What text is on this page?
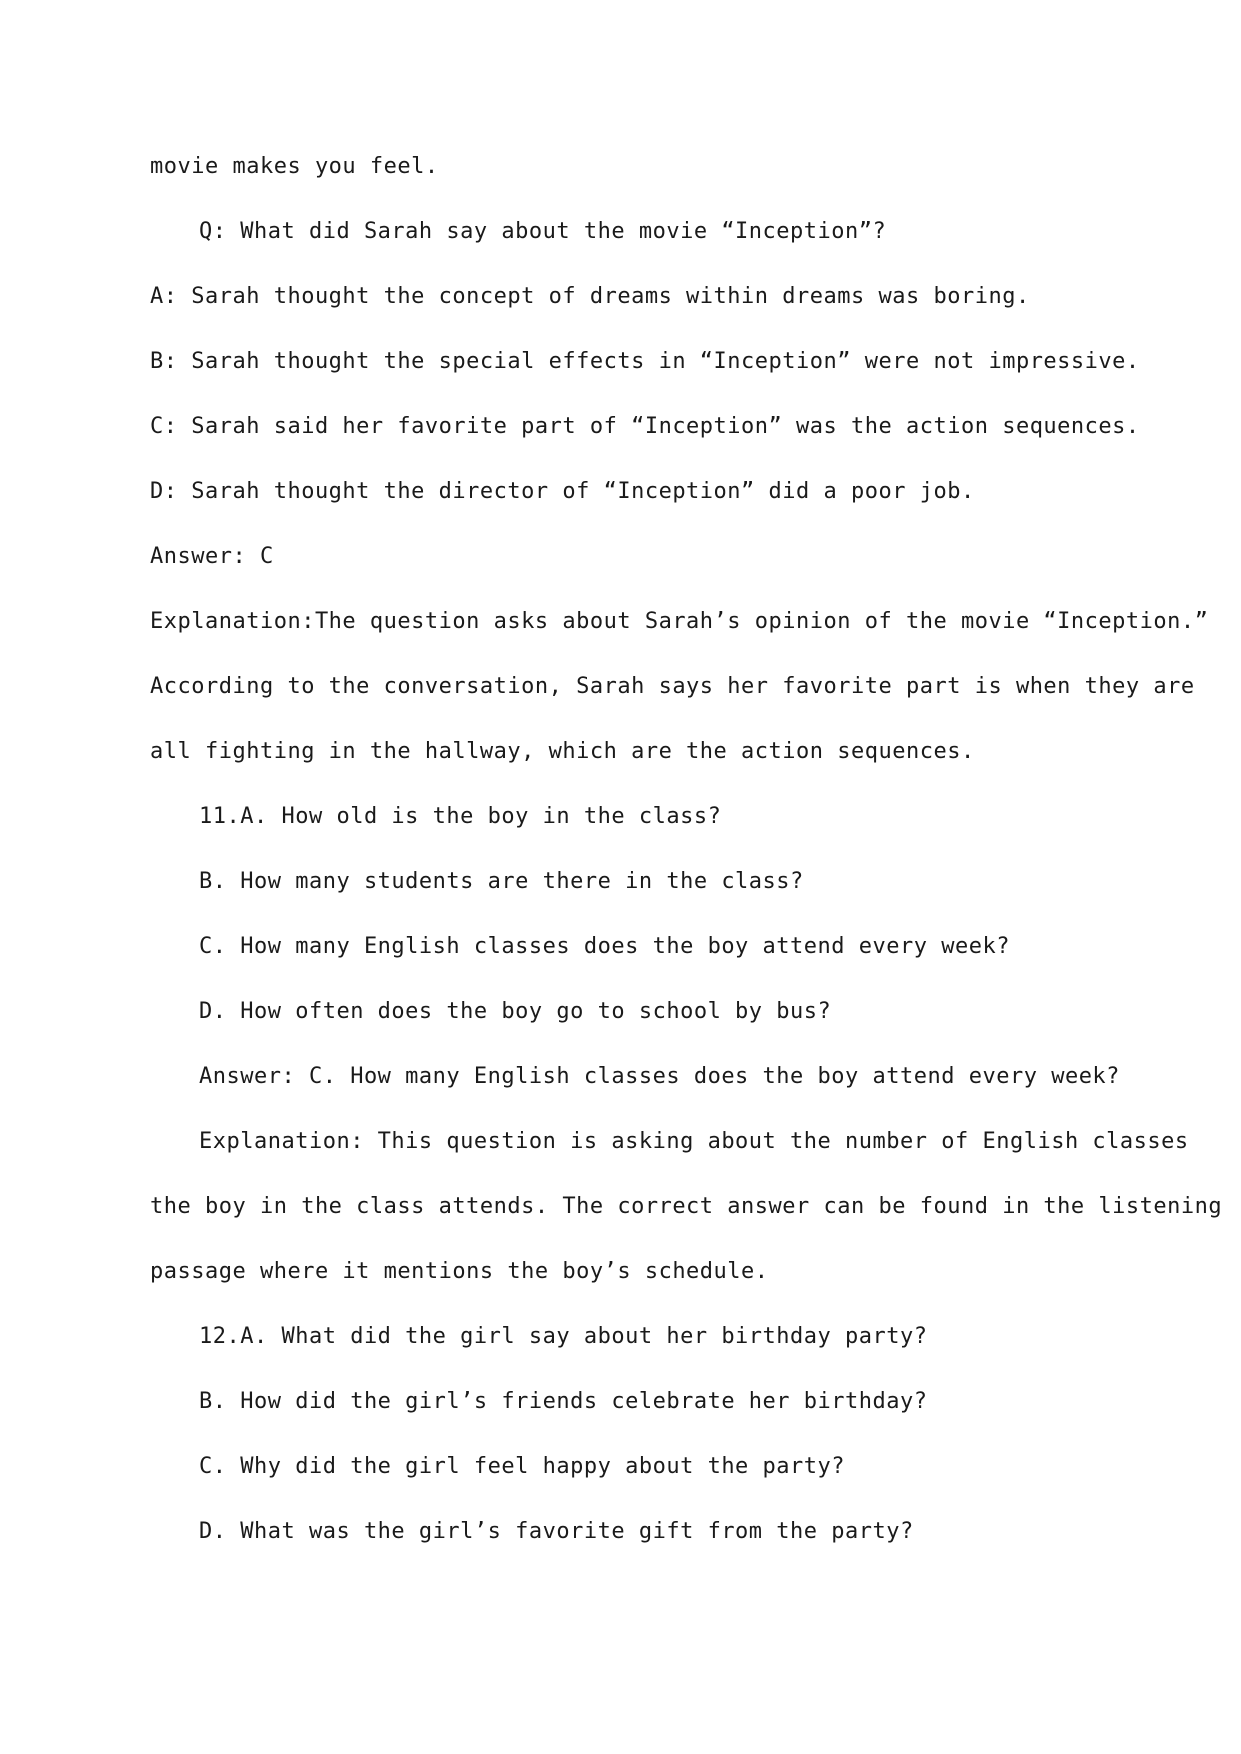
movie makes you feel.
Q: What did Sarah say about the movie “Inception”?
A: Sarah thought the concept of dreams within dreams was boring.
B: Sarah thought the special effects in “Inception” were not impressive.
C: Sarah said her favorite part of “Inception” was the action sequences.
D: Sarah thought the director of “Inception” did a poor job.
Answer: C
Explanation:The question asks about Sarah’s opinion of the movie “Inception.”
According to the conversation, Sarah says her favorite part is when they are
all fighting in the hallway, which are the action sequences.
11.A. How old is the boy in the class?
B. How many students are there in the class?
C. How many English classes does the boy attend every week?
D. How often does the boy go to school by bus?
Answer: C. How many English classes does the boy attend every week?
Explanation: This question is asking about the number of English classes
the boy in the class attends. The correct answer can be found in the listening
passage where it mentions the boy’s schedule.
12.A. What did the girl say about her birthday party?
B. How did the girl’s friends celebrate her birthday?
C. Why did the girl feel happy about the party?
D. What was the girl’s favorite gift from the party?
